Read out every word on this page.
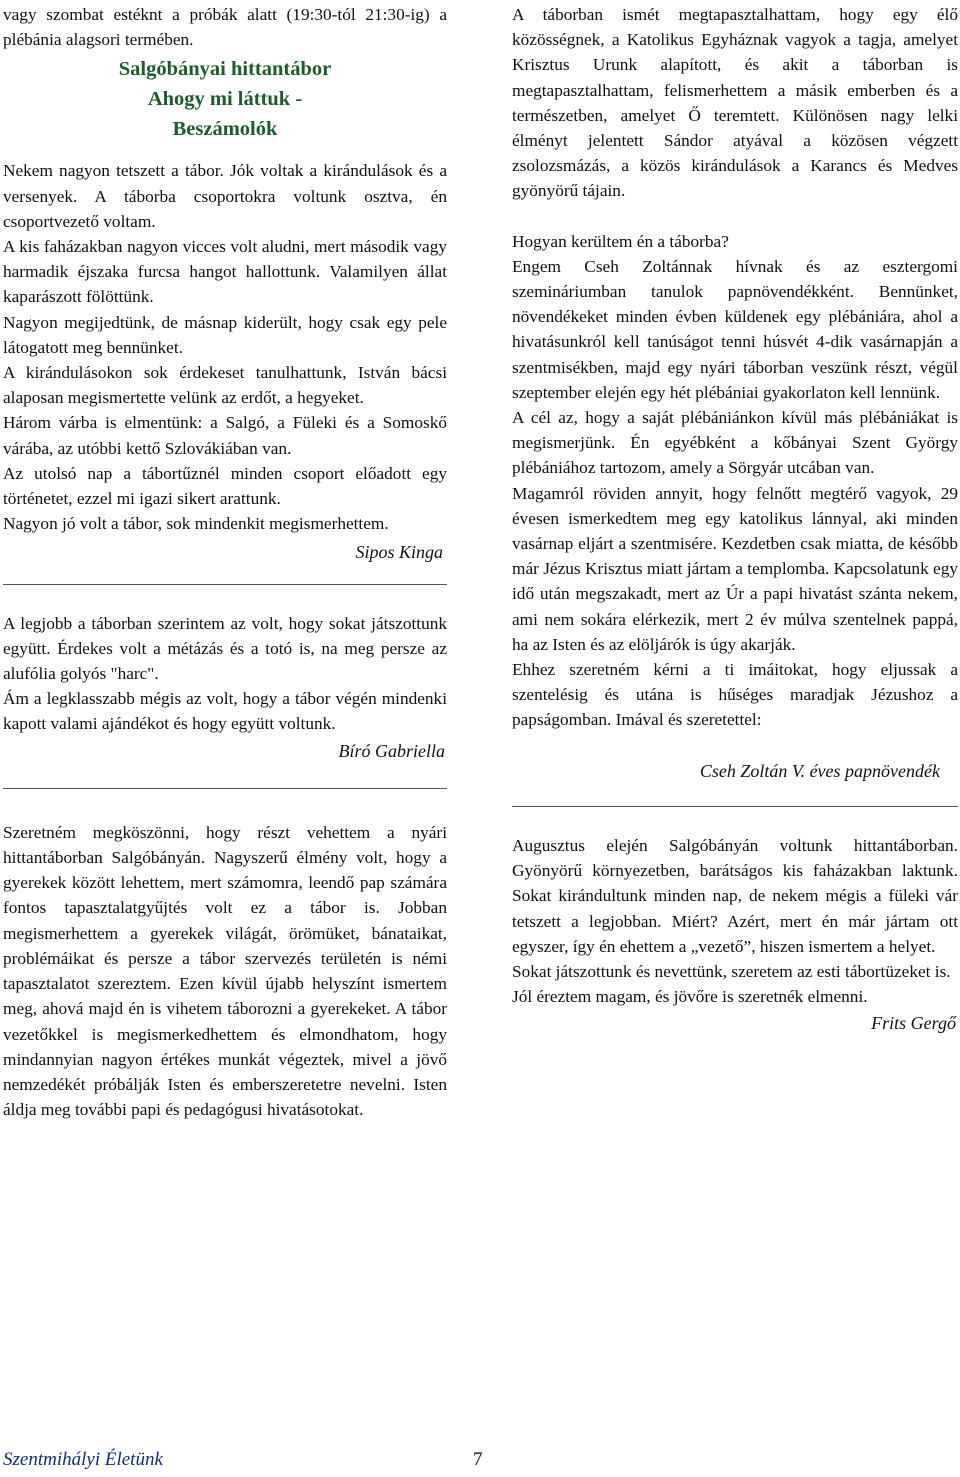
vagy szombat estéknt a próbák alatt (19:30-tól 21:30-ig) a plébánia alagsori termében.

Salgóbányai hittantábor

Ahogy mi láttuk -

Beszámolók

Nekem nagyon tetszett a tábor. Jók voltak a kirándulások és a versenyek. A táborba csoportokra voltunk osztva, én csoportvezető voltam.

A kis faházakban nagyon vicces volt aludni, mert második vagy harmadik éjszaka furcsa hangot hallottunk. Valamilyen állat kaparászott fölöttünk.

Nagyon megijedtünk, de másnap kiderült, hogy csak egy pele látogatott meg bennünket.

A kirándulásokon sok érdekeset tanulhattunk, István bácsi alaposan megismertette velünk az erdőt, a hegyeket.

Három várba is elmentünk: a Salgó, a Füleki és a Somoskő várába, az utóbbi kettő Szlovákiában van.

Az utolsó nap a tábortűznél minden csoport előadott egy történetet, ezzel mi igazi sikert arattunk.

Nagyon jó volt a tábor, sok mindenkit megismerhettem.

Sipos Kinga

A legjobb a táborban szerintem az volt, hogy sokat játszottunk együtt. Érdekes volt a métázás és a totó is, na meg persze az alufólia golyós "harc".

Ám a legklasszabb mégis az volt, hogy a tábor végén mindenki kapott valami ajándékot és hogy együtt voltunk.

Bíró Gabriella

Szeretném megköszönni, hogy részt vehettem a nyári hittantáborban Salgóbányán. Nagyszerű élmény volt, hogy a gyerekek között lehettem, mert számomra, leendő pap számára fontos tapasztalatgyűjtés volt ez a tábor is. Jobban megismerhettem a gyerekek világát, örömüket, bánataikat, problémáikat és persze a tábor szervezés területén is némi tapasztalatot szereztem. Ezen kívül újabb helyszínt ismertem meg, ahová majd én is vihetem táborozni a gyerekeket. A tábor vezetőkkel is megismerkedhettem és elmondhatom, hogy mindannyian nagyon értékes munkát végeztek, mivel a jövő nemzedékét próbálják Isten és emberszeretetre nevelni. Isten áldja meg további papi és pedagógusi hivatásotokat.

A táborban ismét megtapasztalhattam, hogy egy élő közösségnek, a Katolikus Egyháznak vagyok a tagja, amelyet Krisztus Urunk alapított, és akit a táborban is megtapasztalhattam, felismerhettem a másik emberben és a természetben, amelyet Ő teremtett. Különösen nagy lelki élményt jelentett Sándor atyával a közösen végzett zsolozsmázás, a közös kirándulások a Karancs és Medves gyönyörű tájain.

Hogyan kerültem én a táborba?

Engem Cseh Zoltánnak hívnak és az esztergomi szemináriumban tanulok papnövendékként. Bennünket, növendékeket minden évben küldenek egy plébániára, ahol a hivatásunkról kell tanúságot tenni húsvét 4-dik vasárnapján a szentmisékben, majd egy nyári táborban veszünk részt, végül szeptember elején egy hét plébániai gyakorlaton kell lennünk.

A cél az, hogy a saját plébániánkon kívül más plébániákat is megismerjünk. Én egyébként a kőbányai Szent György plébániához tartozom, amely a Sörgyár utcában van.

Magamról röviden annyit, hogy felnőtt megtérő vagyok, 29 évesen ismerkedtem meg egy katolikus lánnyal, aki minden vasárnap eljárt a szentmisére. Kezdetben csak miatta, de később már Jézus Krisztus miatt jártam a templomba. Kapcsolatunk egy idő után megszakadt, mert az Úr a papi hivatást szánta nekem, ami nem sokára elérkezik, mert 2 év múlva szentelnek pappá, ha az Isten és az elöljárók is úgy akarják.

Ehhez szeretném kérni a ti imáitokat, hogy eljussak a szentelésig és utána is hűséges maradjak Jézushoz a papságomban. Imával és szeretettel:

Cseh Zoltán V. éves papnövendék

Augusztus elején Salgóbányán voltunk hittantáborban. Gyönyörű környezetben, barátságos kis faházakban laktunk. Sokat kirándultunk minden nap, de nekem mégis a füleki vár tetszett a legjobban. Miért? Azért, mert én már jártam ott egyszer, így én ehettem a „vezető”, hiszen ismertem a helyet.

Sokat játszottunk és nevettünk, szeretem az esti tábortüzeket is.

Jól éreztem magam, és jövőre is szeretnék elmenni.

Frits Gergő

Szentmihályi Életünk	7
